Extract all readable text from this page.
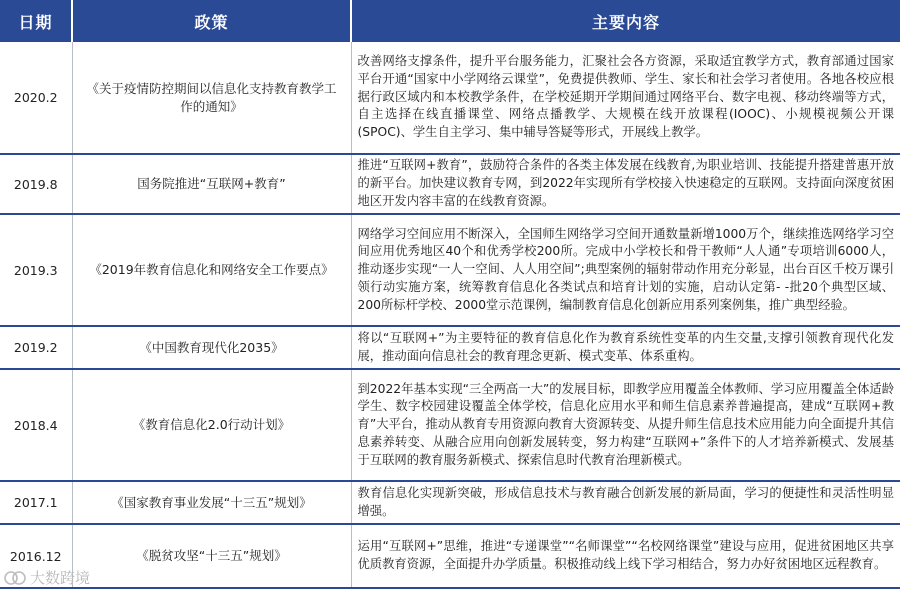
日期	政策	主要内容
2020.2	《关于疫情防控期间以信息化支持教育教学工作的通知》	改善网络支撑条件，提升平台服务能力，汇聚社会各方资源，采取适宜教学方式，教育部通过国家平台开通“国家中小学网络云课堂”，免费提供教师、学生、家长和社会学习者使用。各地各校应根据行政区域内和本校教学条件，在学校延期开学期间通过网络平台、数字电视、移动终端等方式，自主选择在线直播课堂、网络点播教学、大规模在线开放课程(IOOC)、小规模视频公开课(SPOC)、学生自主学习、集中辅导答疑等形式，开展线上教学。
2019.8	国务院推进“互联网+教育”	推进“互联网+教育”，鼓励符合条件的各类主体发展在线教育,为职业培训、技能提升搭建普惠开放的新平台。加快建议教育专网，到2022年实现所有学校接入快速稳定的互联网。支持面向深度贫困地区开发内容丰富的在线教育资源。
2019.3	《2019年教育信息化和网络安全工作要点》	网络学习空间应用不断深入，全国师生网络学习空间开通数量新增1000万个，继续推选网络学习空间应用优秀地区40个和优秀学校200所。完成中小学校长和骨干教师“人人通”专项培训6000人，推动逐步实现“一人一空间、人人用空间”;典型案例的辐射带动作用充分彰显，出台百区千校万课引领行动实施方案，统筹教育信息化各类试点和培育计划的实施，启动认定第- -批20个典型区域、200所标杆学校、2000堂示范课例，编制教育信息化创新应用系列案例集，推广典型经验。
2019.2	《中国教育现代化2035》	将以“互联网+”为主要特征的教育信息化作为教育系统性变革的内生交量,支撑引领教育现代化发展，推动面向信息社会的教育理念更新、模式变革、体系重构。
2018.4	《教育信息化2.0行动计划》	到2022年基本实现“三全两高一大”的发展目标，即教学应用覆盖全体教师、学习应用覆盖全体适龄学生、数字校园建设覆盖全体学校，信息化应用水平和师生信息素养普遍提高，建成“互联网+教育”大平台，推动从教育专用资源向教育大资源转变、从提升师生信息技术应用能力向全面提升其信息素养转变、从融合应用向创新发展转变，努力构建“互联网+”条件下的人才培养新模式、发展基于互联网的教育服务新模式、探索信息时代教育治理新模式。
2017.1	《国家教育事业发展“十三五”规划》	教育信息化实现新突破，形成信息技术与教育融合创新发展的新局面，学习的便捷性和灵活性明显增强。
2016.12	《脱贫攻坚“十三五”规划》	运用“互联网+”思维，推进“专递课堂”“名师课堂”“名校网络课堂”建设与应用，促进贫困地区共享优质教育资源，全面提升办学质量。积极推动线上线下学习相结合，努力办好贫困地区远程教育。
大数跨境
